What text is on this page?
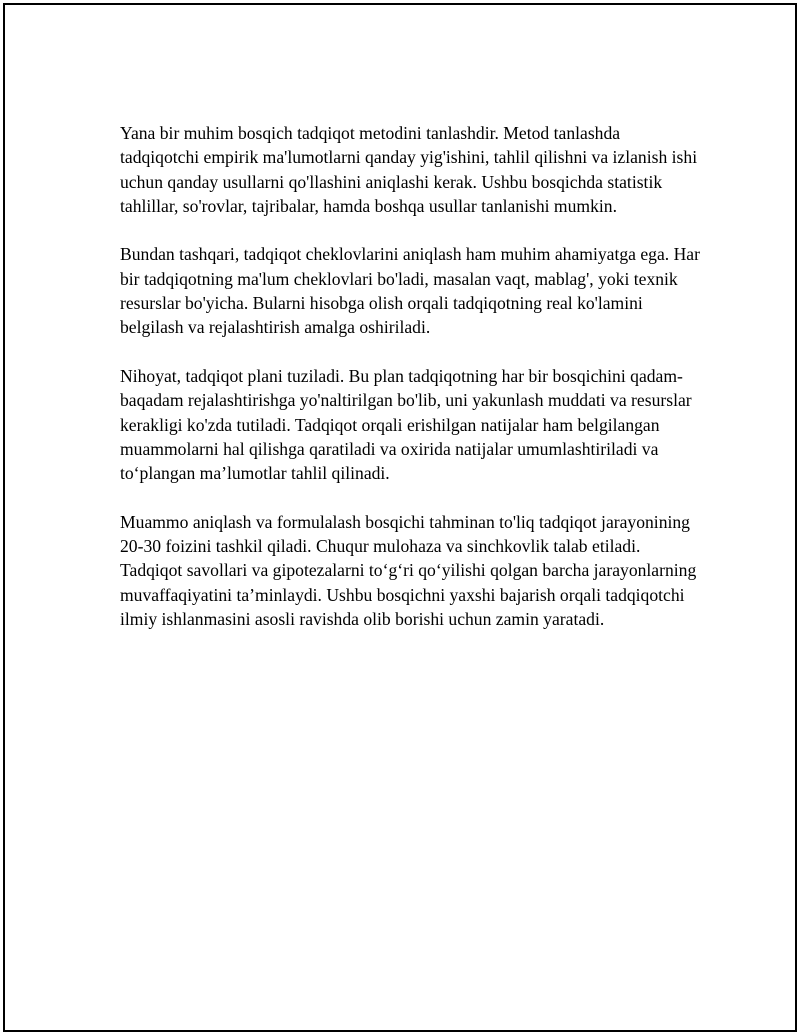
Yana bir muhim bosqich tadqiqot metodini tanlashdir. Metod tanlashda tadqiqotchi empirik ma'lumotlarni qanday yig'ishini, tahlil qilishni va izlanish ishi uchun qanday usullarni qo'llashini aniqlashi kerak. Ushbu bosqichda statistik tahlillar, so'rovlar, tajribalar, hamda boshqa usullar tanlanishi mumkin.

Bundan tashqari, tadqiqot cheklovlarini aniqlash ham muhim ahamiyatga ega. Har bir tadqiqotning ma'lum cheklovlari bo'ladi, masalan vaqt, mablag', yoki texnik resurslar bo'yicha. Bularni hisobga olish orqali tadqiqotning real ko'lamini belgilash va rejalashtirish amalga oshiriladi.

Nihoyat, tadqiqot plani tuziladi. Bu plan tadqiqotning har bir bosqichini qadam-baqadam rejalashtirishga yo'naltirilgan bo'lib, uni yakunlash muddati va resurslar kerakligi ko'zda tutiladi. Tadqiqot orqali erishilgan natijalar ham belgilangan muammolarni hal qilishga qaratiladi va oxirida natijalar umumlashtiriladi va to‘plangan ma’lumotlar tahlil qilinadi.

Muammo aniqlash va formulalash bosqichi tahminan to'liq tadqiqot jarayonining 20-30 foizini tashkil qiladi. Chuqur mulohaza va sinchkovlik talab etiladi. Tadqiqot savollari va gipotezalarni to‘g‘ri qo‘yilishi qolgan barcha jarayonlarning muvaffaqiyatini ta’minlaydi. Ushbu bosqichni yaxshi bajarish orqali tadqiqotchi ilmiy ishlanmasini asosli ravishda olib borishi uchun zamin yaratadi.
